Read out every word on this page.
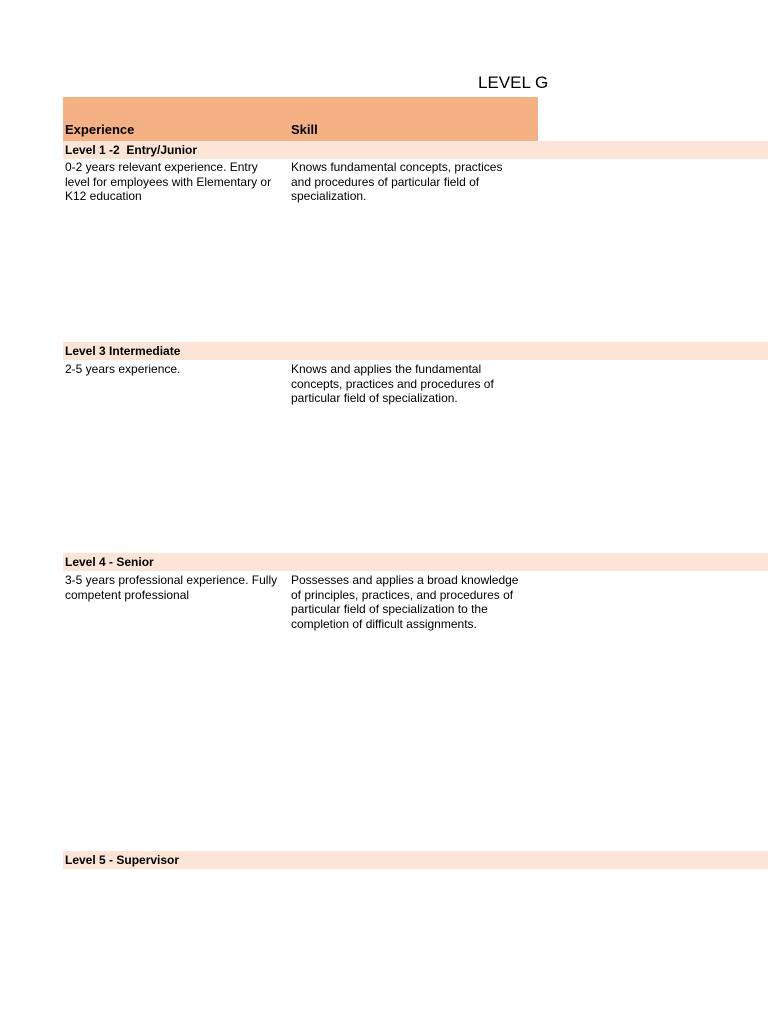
LEVEL G
Experience	Skill
Level 1 -2  Entry/Junior
0-2 years relevant experience. Entry
level for employees with Elementary or
K12 education
Knows fundamental concepts, practices
and procedures of particular field of
specialization.
Level 3 Intermediate
2-5 years experience.	Knows and applies the fundamental
concepts, practices and procedures of
particular field of specialization.
Level 4 - Senior
3-5 years professional experience. Fully
competent professional
Possesses and applies a broad knowledge
of principles, practices, and procedures of
particular field of specialization to the
completion of difficult assignments.
Level 5 - Supervisor
